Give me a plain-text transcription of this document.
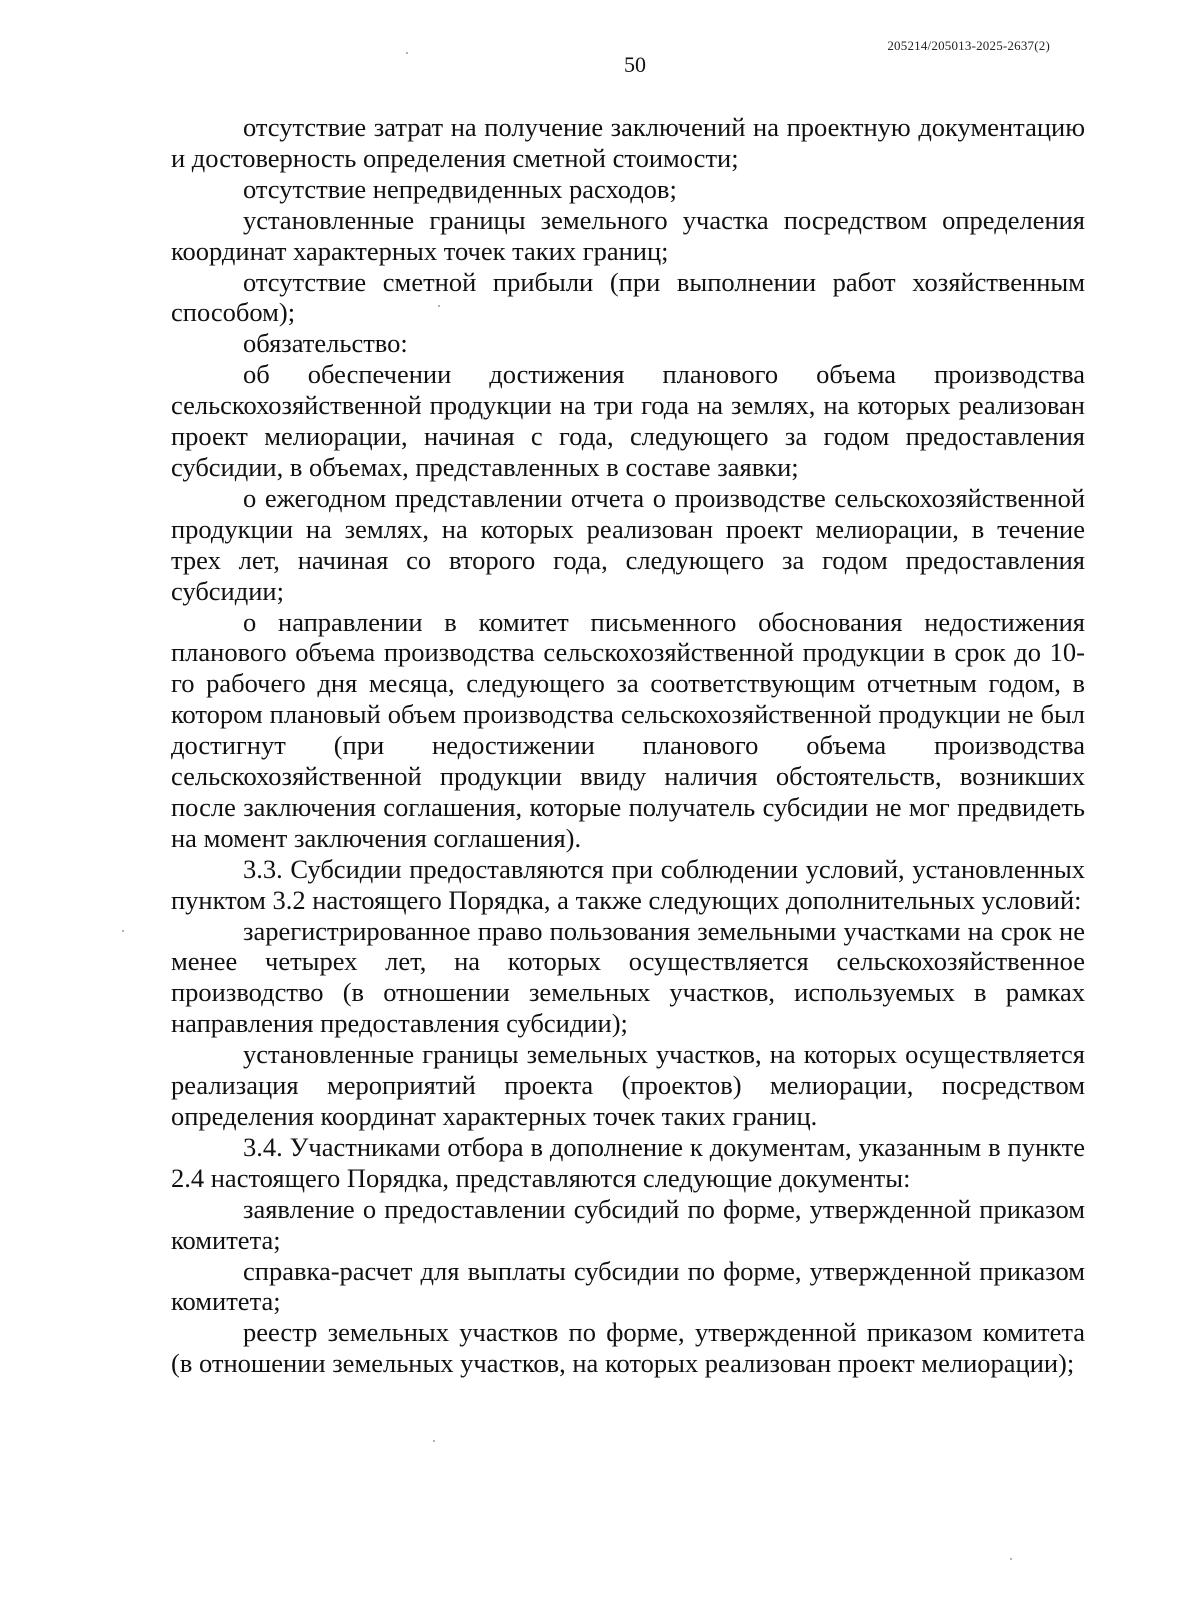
205214/205013-2025-2637(2)
50

отсутствие затрат на получение заключений на проектную документацию и достоверность определения сметной стоимости;

отсутствие непредвиденных расходов;

установленные границы земельного участка посредством определения координат характерных точек таких границ;

отсутствие сметной прибыли (при выполнении работ хозяйственным способом);

обязательство:

об обеспечении достижения планового объема производства сельскохозяйственной продукции на три года на землях, на которых реализован проект мелиорации, начиная с года, следующего за годом предоставления субсидии, в объемах, представленных в составе заявки;

о ежегодном представлении отчета о производстве сельскохозяйственной продукции на землях, на которых реализован проект мелиорации, в течение трех лет, начиная со второго года, следующего за годом предоставления субсидии;

о направлении в комитет письменного обоснования недостижения планового объема производства сельскохозяйственной продукции в срок до 10-го рабочего дня месяца, следующего за соответствующим отчетным годом, в котором плановый объем производства сельскохозяйственной продукции не был достигнут (при недостижении планового объема производства сельскохозяйственной продукции ввиду наличия обстоятельств, возникших после заключения соглашения, которые получатель субсидии не мог предвидеть на момент заключения соглашения).

3.3. Субсидии предоставляются при соблюдении условий, установленных пунктом 3.2 настоящего Порядка, а также следующих дополнительных условий:

зарегистрированное право пользования земельными участками на срок не менее четырех лет, на которых осуществляется сельскохозяйственное производство (в отношении земельных участков, используемых в рамках направления предоставления субсидии);

установленные границы земельных участков, на которых осуществляется реализация мероприятий проекта (проектов) мелиорации, посредством определения координат характерных точек таких границ.

3.4. Участниками отбора в дополнение к документам, указанным в пункте 2.4 настоящего Порядка, представляются следующие документы:

заявление о предоставлении субсидий по форме, утвержденной приказом комитета;

справка-расчет для выплаты субсидии по форме, утвержденной приказом комитета;

реестр земельных участков по форме, утвержденной приказом комитета (в отношении земельных участков, на которых реализован проект мелиорации);
